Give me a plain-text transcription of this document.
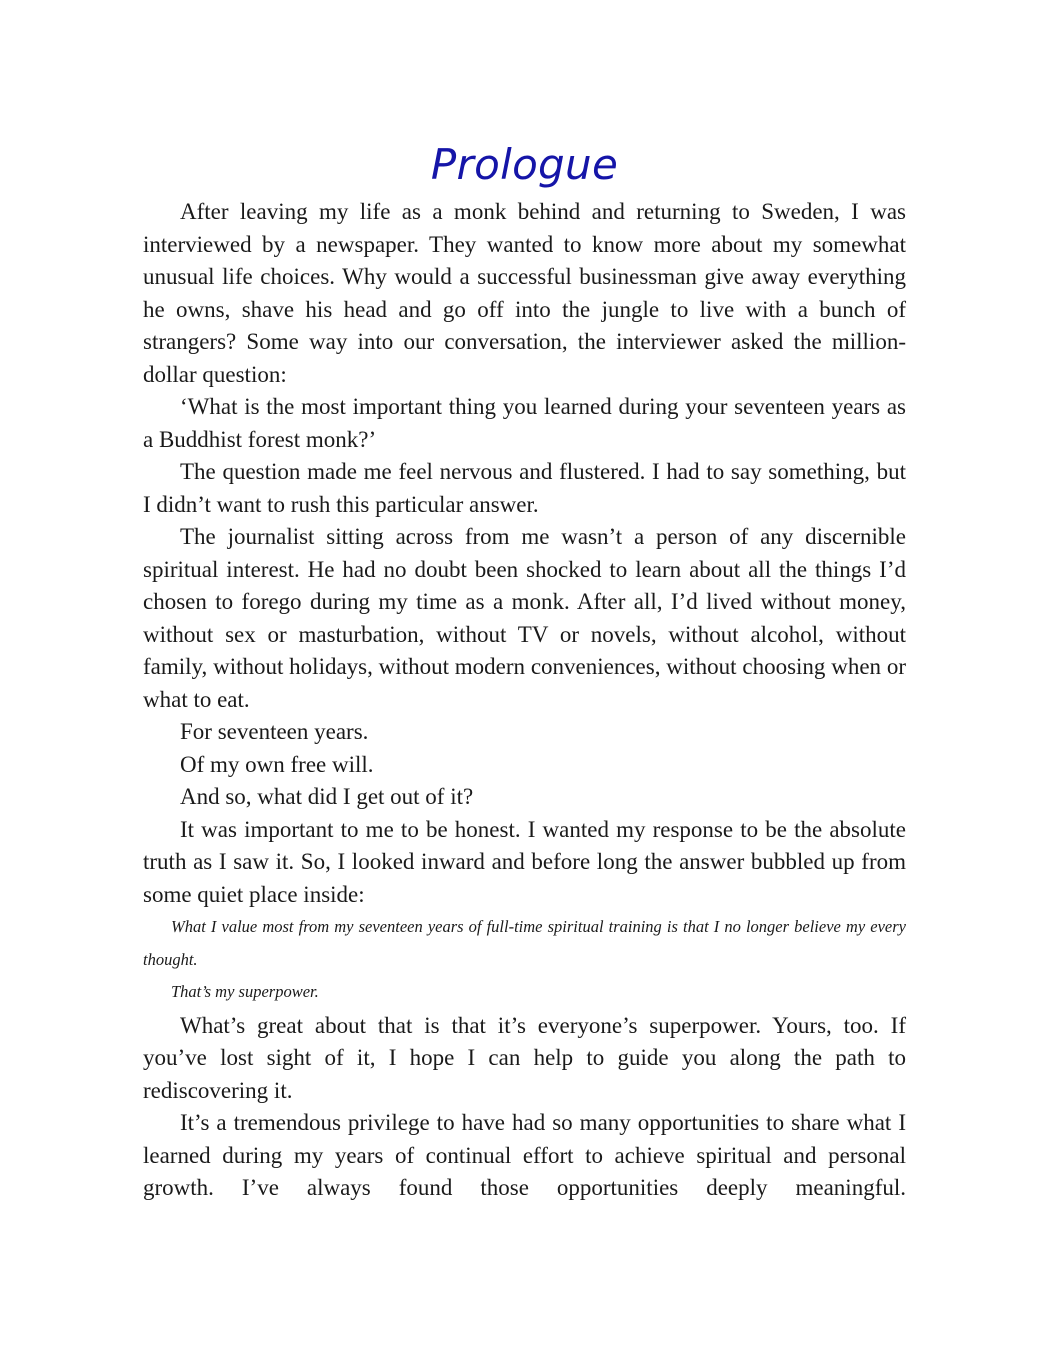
Prologue

After leaving my life as a monk behind and returning to Sweden, I was interviewed by a newspaper. They wanted to know more about my somewhat unusual life choices. Why would a successful businessman give away everything he owns, shave his head and go off into the jungle to live with a bunch of strangers? Some way into our conversation, the interviewer asked the million-dollar question:

‘What is the most important thing you learned during your seventeen years as a Buddhist forest monk?’

The question made me feel nervous and flustered. I had to say something, but I didn’t want to rush this particular answer.

The journalist sitting across from me wasn’t a person of any discernible spiritual interest. He had no doubt been shocked to learn about all the things I’d chosen to forego during my time as a monk. After all, I’d lived without money, without sex or masturbation, without TV or novels, without alcohol, without family, without holidays, without modern conveniences, without choosing when or what to eat.

For seventeen years.

Of my own free will.

And so, what did I get out of it?

It was important to me to be honest. I wanted my response to be the absolute truth as I saw it. So, I looked inward and before long the answer bubbled up from some quiet place inside:

What I value most from my seventeen years of full-time spiritual training is that I no longer believe my every thought.

That’s my superpower.

What’s great about that is that it’s everyone’s superpower. Yours, too. If you’ve lost sight of it, I hope I can help to guide you along the path to rediscovering it.

It’s a tremendous privilege to have had so many opportunities to share what I learned during my years of continual effort to achieve spiritual and personal growth. I’ve always found those opportunities deeply meaningful.
